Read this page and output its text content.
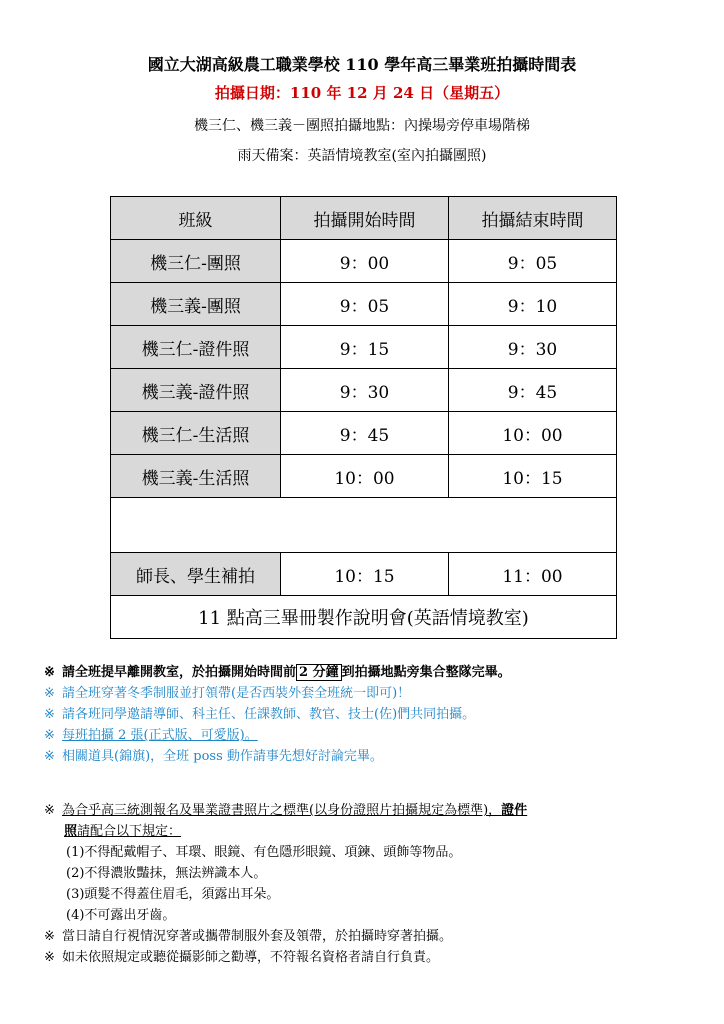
國立大湖高級農工職業學校 110 學年高三畢業班拍攝時間表
拍攝日期：110 年 12 月 24 日（星期五）
機三仁、機三義－團照拍攝地點：內操場旁停車場階梯
雨天備案：英語情境教室(室內拍攝團照)
班級	拍攝開始時間	拍攝結束時間
機三仁-團照	9：00	9：05
機三義-團照	9：05	9：10
機三仁-證件照	9：15	9：30
機三義-證件照	9：30	9：45
機三仁-生活照	9：45	10：00
機三義-生活照	10：00	10：15

師長、學生補拍	10：15	11：00
11 點高三畢冊製作說明會(英語情境教室)		
※ 請全班提早離開教室，於拍攝開始時間前 2 分鐘 到拍攝地點旁集合整隊完畢。
※ 請全班穿著冬季制服並打領帶(是否西裝外套全班統一即可)！
※ 請各班同學邀請導師、科主任、任課教師、教官、技士(佐)們共同拍攝。
※ 每班拍攝 2 張(正式版、可愛版)。
※ 相關道具(錦旗)，全班 poss 動作請事先想好討論完畢。
※ 為合乎高三統測報名及畢業證書照片之標準(以身份證照片拍攝規定為標準)，證件
照請配合以下規定：
(1)不得配戴帽子、耳環、眼鏡、有色隱形眼鏡、項鍊、頭飾等物品。
(2)不得濃妝豔抹，無法辨識本人。
(3)頭髮不得蓋住眉毛，須露出耳朵。
(4)不可露出牙齒。
※ 當日請自行視情況穿著或攜帶制服外套及領帶，於拍攝時穿著拍攝。
※ 如未依照規定或聽從攝影師之勸導，不符報名資格者請自行負責。
